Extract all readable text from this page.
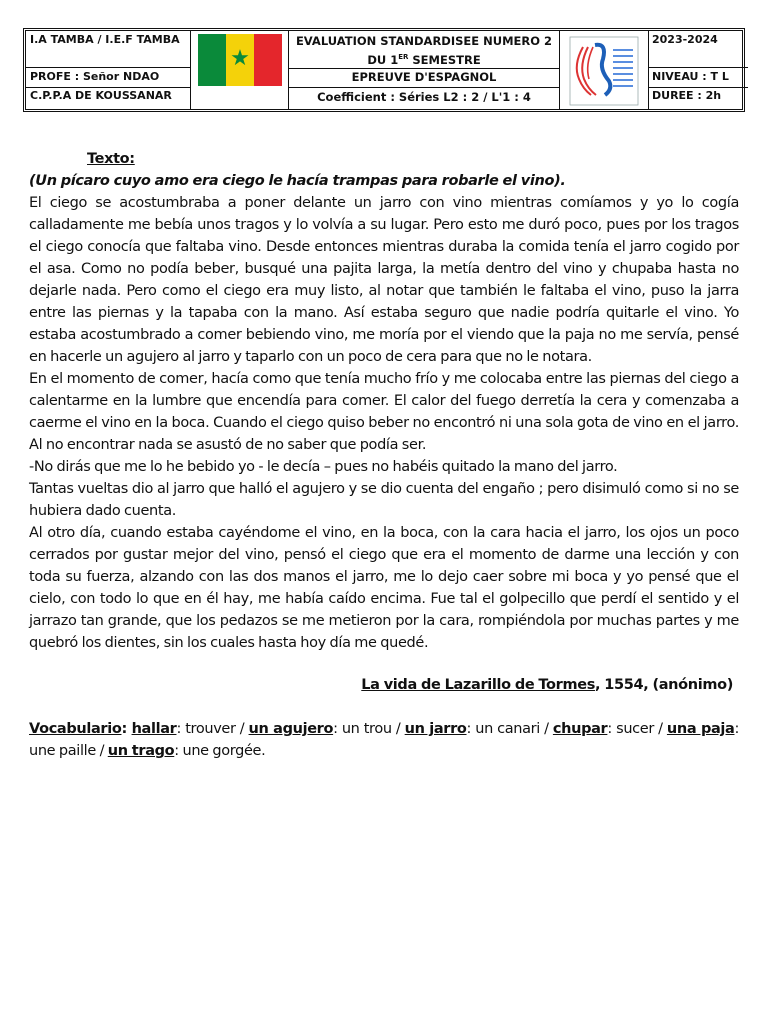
I.A TAMBA / I.E.F TAMBA
PROFE : Señor NDAO
C.P.P.A DE KOUSSANAR
★
EVALUATION STANDARDISEE NUMERO 2
DU 1ER SEMESTRE
EPREUVE D'ESPAGNOL
Coefficient : Séries L2 : 2 / L'1 : 4
2023-2024
NIVEAU : T L
DUREE : 2h

Texto:

(Un pícaro cuyo amo era ciego le hacía trampas para robarle el vino).

El ciego se acostumbraba a poner delante un jarro con vino mientras comíamos y yo lo cogía calladamente me bebía unos tragos y lo volvía a su lugar. Pero esto me duró poco, pues por los tragos el ciego conocía que faltaba vino. Desde entonces mientras duraba la comida tenía el jarro cogido por el asa. Como no podía beber, busqué una pajita larga, la metía dentro del vino y chupaba hasta no dejarle nada. Pero como el ciego era muy listo, al notar que también le faltaba el vino, puso la jarra entre las piernas y la tapaba con la mano. Así estaba seguro que nadie podría quitarle el vino. Yo estaba acostumbrado a comer bebiendo vino, me moría por el viendo que la paja no me servía, pensé en hacerle un agujero al jarro y taparlo con un poco de cera para que no le notara.

En el momento de comer, hacía como que tenía mucho frío y me colocaba entre las piernas del ciego a calentarme en la lumbre que encendía para comer. El calor del fuego derretía la cera y comenzaba a caerme el vino en la boca. Cuando el ciego quiso beber no encontró ni una sola gota de vino en el jarro. Al no encontrar nada se asustó de no saber que podía ser.

-No dirás que me lo he bebido yo - le decía – pues no habéis quitado la mano del jarro.

Tantas vueltas dio al jarro que halló el agujero y se dio cuenta del engaño ; pero disimuló como si no se hubiera dado cuenta.

Al otro día, cuando estaba cayéndome el vino, en la boca, con la cara hacia el jarro, los ojos un poco cerrados por gustar mejor del vino, pensó el ciego que era el momento de darme una lección y con toda su fuerza, alzando con las dos manos el jarro, me lo dejo caer sobre mi boca y yo pensé que el cielo, con todo lo que en él hay, me había caído encima. Fue tal el golpecillo que perdí el sentido y el jarrazo tan grande, que los pedazos se me metieron por la cara, rompiéndola por muchas partes y me quebró los dientes, sin los cuales hasta hoy día me quedé.

La vida de Lazarillo de Tormes, 1554, (anónimo)

Vocabulario: hallar: trouver / un agujero: un trou / un jarro: un canari / chupar: sucer / una paja: une paille / un trago: une gorgée.
